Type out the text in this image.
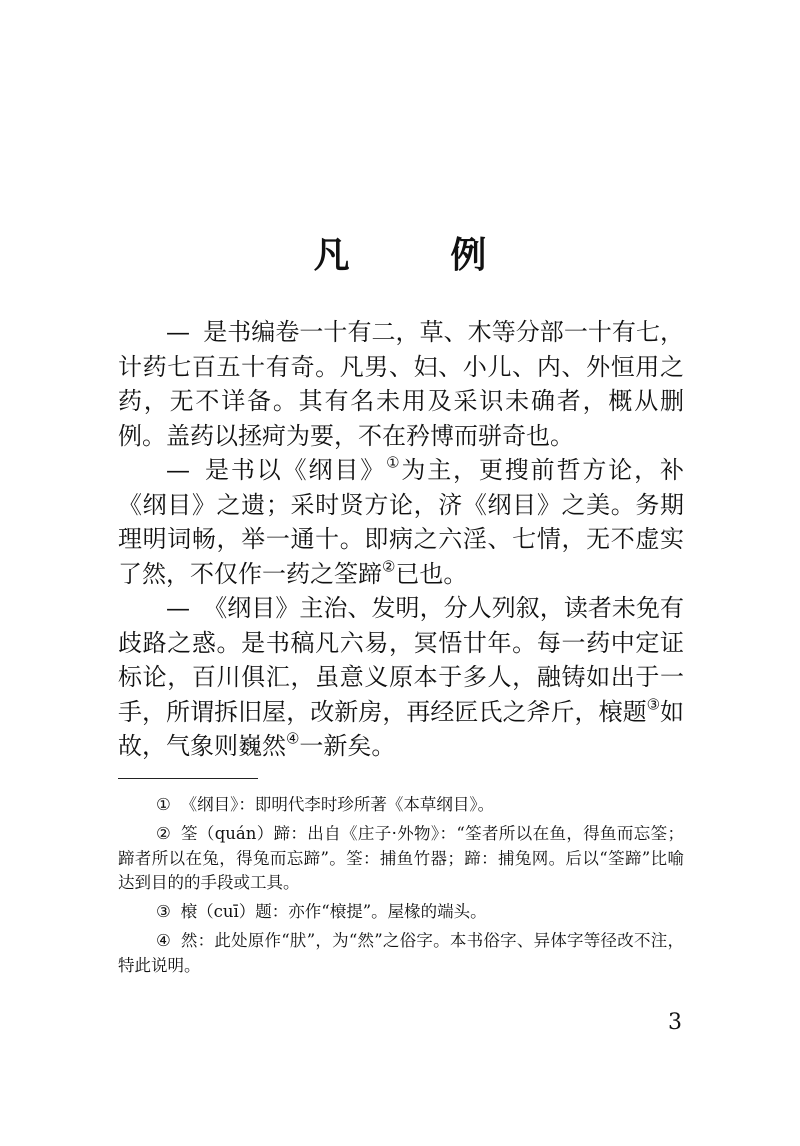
凡　例

— 是书编卷一十有二，草、木等分部一十有七，计药七百五十有奇。凡男、妇、小儿、内、外恒用之药，无不详备。其有名未用及采识未确者，概从删例。盖药以拯疴为要，不在矜博而骈奇也。

— 是书以《纲目》①为主，更搜前哲方论，补《纲目》之遗；采时贤方论，济《纲目》之美。务期理明词畅，举一通十。即病之六淫、七情，无不虚实了然，不仅作一药之筌蹄②已也。

— 《纲目》主治、发明，分人列叙，读者未免有歧路之惑。是书稿凡六易，冥悟廿年。每一药中定证标论，百川俱汇，虽意义原本于多人，融铸如出于一手，所谓拆旧屋，改新房，再经匠氏之斧斤，榱题③如故，气象则巍然④一新矣。

① 《纲目》：即明代李时珍所著《本草纲目》。

② 筌（quán）蹄：出自《庄子·外物》：“筌者所以在鱼，得鱼而忘筌；蹄者所以在兔，得兔而忘蹄”。筌：捕鱼竹器；蹄：捕兔网。后以“筌蹄”比喻达到目的的手段或工具。

③ 榱（cuī）题：亦作“榱提”。屋椽的端头。

④ 然：此处原作“肰”，为“然”之俗字。本书俗字、异体字等径改不注，特此说明。

3
